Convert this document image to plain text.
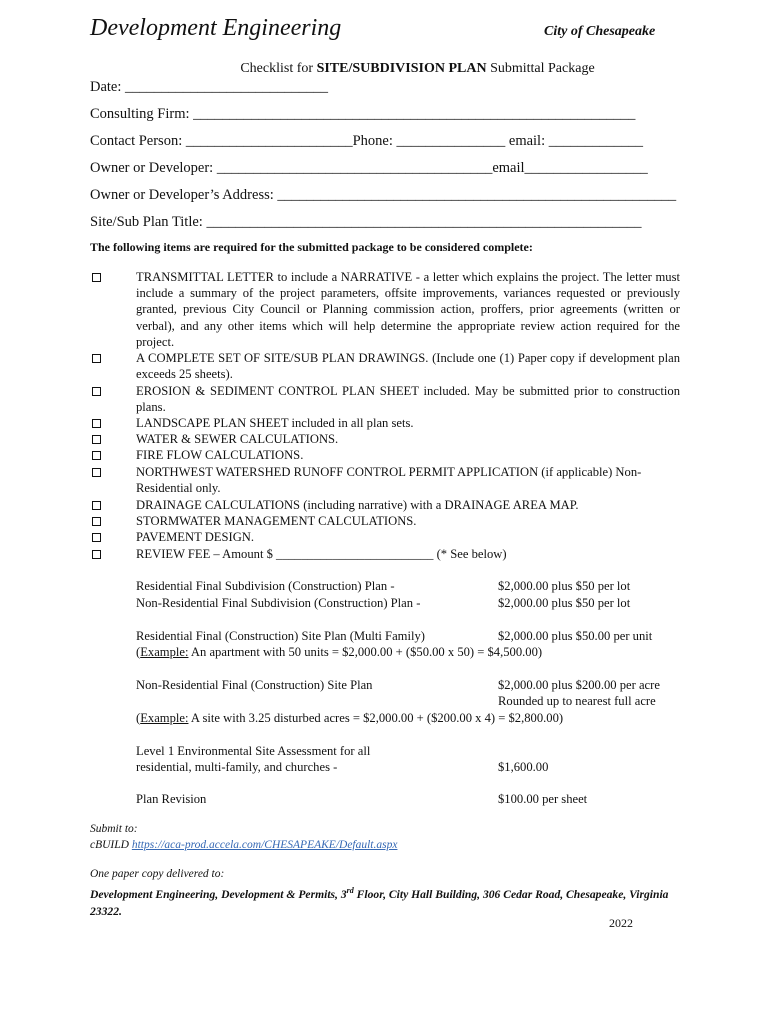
Development Engineering	City of Chesapeake
Checklist for SITE/SUBDIVISION PLAN Submittal Package
Date: ____________________________
Consulting Firm: _____________________________________________________________
Contact Person: _______________________Phone: _______________ email: _____________
Owner or Developer: ______________________________________email_________________
Owner or Developer’s Address: _______________________________________________________
Site/Sub Plan Title: ____________________________________________________________
The following items are required for the submitted package to be considered complete:
TRANSMITTAL LETTER to include a NARRATIVE - a letter which explains the project. The letter must include a summary of the project parameters, offsite improvements, variances requested or previously granted, previous City Council or Planning commission action, proffers, prior agreements (written or verbal), and any other items which will help determine the appropriate review action required for the project.
A COMPLETE SET OF SITE/SUB PLAN DRAWINGS. (Include one (1) Paper copy if development plan exceeds 25 sheets).
EROSION & SEDIMENT CONTROL PLAN SHEET included. May be submitted prior to construction plans.
LANDSCAPE PLAN SHEET included in all plan sets.
WATER & SEWER CALCULATIONS.
FIRE FLOW CALCULATIONS.
NORTHWEST WATERSHED RUNOFF CONTROL PERMIT APPLICATION (if applicable) Non-Residential only.
DRAINAGE CALCULATIONS (including narrative) with a DRAINAGE AREA MAP.
STORMWATER MANAGEMENT CALCULATIONS.
PAVEMENT DESIGN.
REVIEW FEE – Amount $ _________________________ (* See below)
Residential Final Subdivision (Construction) Plan -	$2,000.00 plus $50 per lot
Non-Residential Final Subdivision (Construction) Plan -	$2,000.00 plus $50 per lot
Residential Final (Construction) Site Plan (Multi Family)	$2,000.00 plus $50.00 per unit
(Example: An apartment with 50 units = $2,000.00 + ($50.00 x 50) = $4,500.00)
Non-Residential Final (Construction) Site Plan	$2,000.00 plus $200.00 per acre
Rounded up to nearest full acre
(Example: A site with 3.25 disturbed acres = $2,000.00 + ($200.00 x 4) = $2,800.00)
Level 1 Environmental Site Assessment for all
residential, multi-family, and churches -	$1,600.00
Plan Revision	$100.00 per sheet
Submit to:
cBUILD https://aca-prod.accela.com/CHESAPEAKE/Default.aspx
One paper copy delivered to:
Development Engineering, Development & Permits, 3rd Floor, City Hall Building, 306 Cedar Road, Chesapeake, Virginia 23322.
2022
